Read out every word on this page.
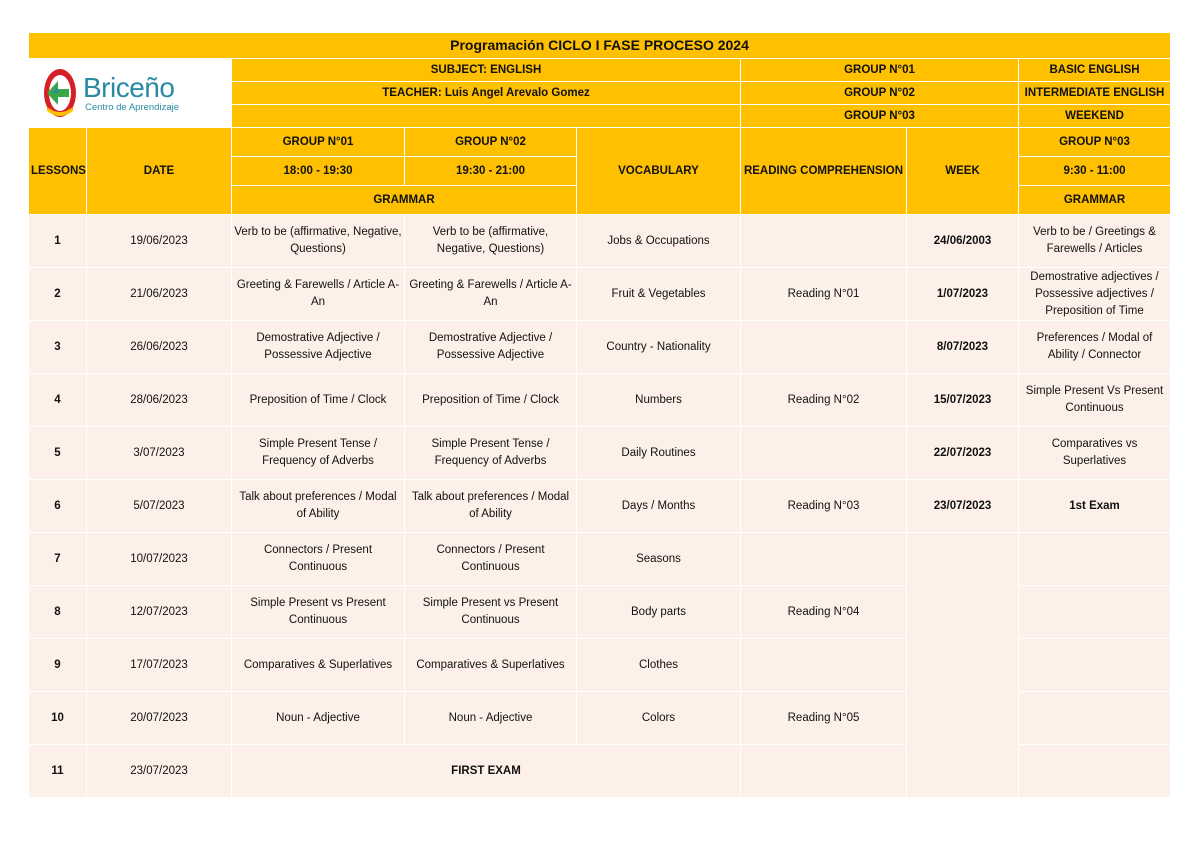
Programación CICLO I FASE PROCESO 2024							

Briceño
Centro de Aprendizaje		SUBJECT: ENGLISH			GROUP N°01		BASIC ENGLISH
		TEACHER: Luis Angel Arevalo Gomez			GROUP N°02		INTERMEDIATE ENGLISH
					GROUP N°03		WEEKEND
LESSONS	DATE	GROUP N°01	GROUP N°02	VOCABULARY	READING COMPREHENSION	WEEK	GROUP N°03
		18:00 - 19:30	19:30 - 21:00				9:30 - 11:00
		GRAMMAR					GRAMMAR
1	19/06/2023	Verb to be (affirmative, Negative, Questions)	Verb to be (affirmative, Negative, Questions)	Jobs & Occupations		24/06/2003	Verb to be / Greetings & Farewells / Articles
2	21/06/2023	Greeting & Farewells / Article A-An	Greeting & Farewells / Article A-An	Fruit & Vegetables	Reading N°01	1/07/2023	Demostrative adjectives / Possessive adjectives / Preposition of Time
3	26/06/2023	Demostrative Adjective / Possessive Adjective	Demostrative Adjective / Possessive Adjective	Country - Nationality		8/07/2023	Preferences / Modal of Ability / Connector
4	28/06/2023	Preposition of Time / Clock	Preposition of Time / Clock	Numbers	Reading N°02	15/07/2023	Simple Present Vs Present Continuous
5	3/07/2023	Simple Present Tense / Frequency of Adverbs	Simple Present Tense / Frequency of Adverbs	Daily Routines		22/07/2023	Comparatives vs Superlatives
6	5/07/2023	Talk about preferences / Modal of Ability	Talk about preferences / Modal of Ability	Days / Months	Reading N°03	23/07/2023	1st Exam
7	10/07/2023	Connectors / Present Continuous	Connectors / Present Continuous	Seasons			
8	12/07/2023	Simple Present vs Present Continuous	Simple Present vs Present Continuous	Body parts	Reading N°04		
9	17/07/2023	Comparatives & Superlatives	Comparatives & Superlatives	Clothes			
10	20/07/2023	Noun - Adjective	Noun - Adjective	Colors	Reading N°05		
11	23/07/2023	FIRST EXAM					
